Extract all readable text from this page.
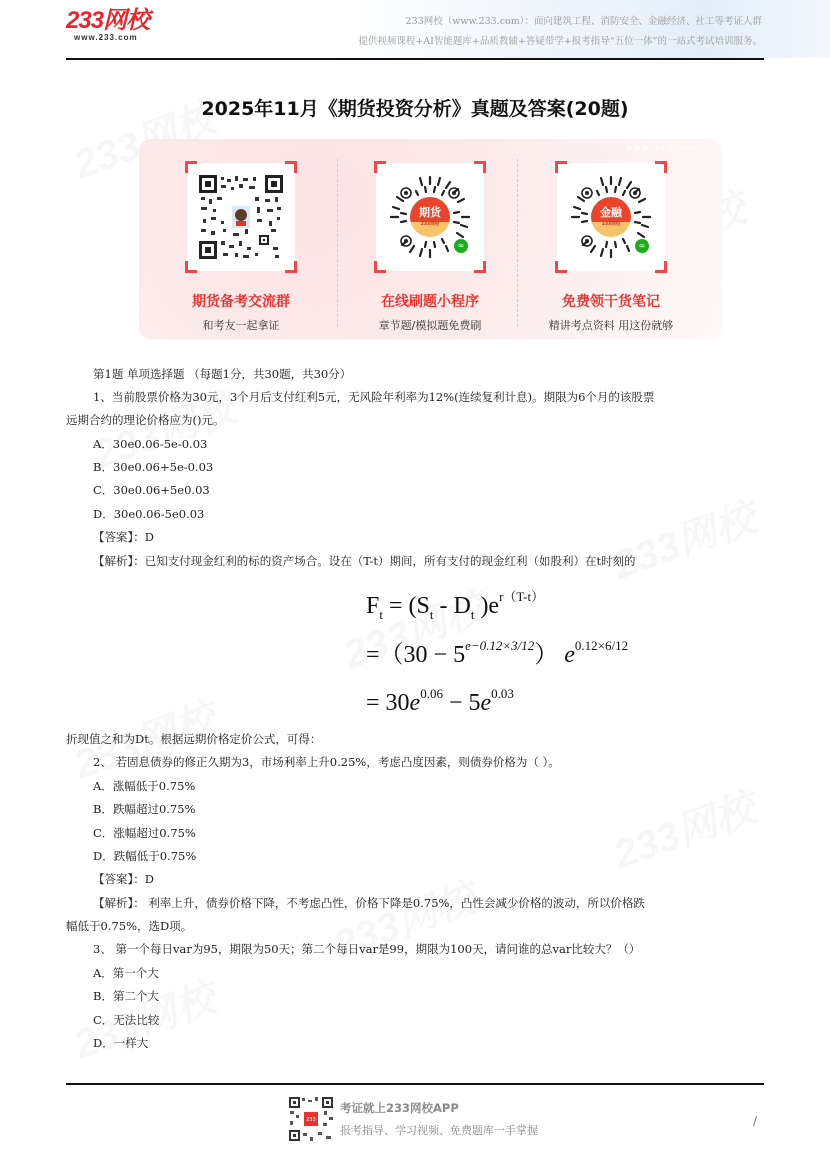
233网校
www.233.com
233网校（www.233.com）：面向建筑工程、消防安全、金融经济、社工等考证人群
提供视频课程+AI智能题库+品质教辅+答疑带学+报考指导“五位一体”的一站式考试培训服务。
2025年11月《期货投资分析》真题及答案(20题)
www.233.com
期货备考交流群
和考友一起拿证
期货
233网校
∞
在线刷题小程序
章节题/模拟题免费刷
金融
233网校
∞
免费领干货笔记
精讲考点资料 用这份就够
第1题 单项选择题 （每题1分，共30题，共30分）
1、当前股票价格为30元，3个月后支付红利5元，无风险年利率为12%(连续复利计息)。期限为6个月的该股票
远期合约的理论价格应为()元。
A．30e0.06-5e-0.03
B．30e0.06+5e-0.03
C．30e0.06+5e0.03
D．30e0.06-5e0.03
【答案】：D
【解析】：已知支付现金红利的标的资产场合。设在（T-t）期间，所有支付的现金红利（如股利）在t时刻的
$F_t = (S_t - D_t$ )$e^{r(T-t)}$
$=(30 - 5^{e-0.12\times 3/12})$ $e^{0.12\times 6/12}$
= $30e^{0.06} - 5e^{0.03}$
折现值之和为Dt。根据远期价格定价公式，可得：
2、 若固息债券的修正久期为3，市场利率上升0.25%，考虑凸度因素，则债券价格为（ ）。
A．涨幅低于0.75%
B．跌幅超过0.75%
C．涨幅超过0.75%
D．跌幅低于0.75%
【答案】：D
【解析】： 利率上升，债券价格下降，不考虑凸性，价格下降是0.75%，凸性会减少价格的波动，所以价格跌
幅低于0.75%，选D项。
3、 第一个每日var为95，期限为50天；第二个每日var是99，期限为100天，请问谁的总var比较大？（）
A．第一个大
B．第二个大
C．无法比较
D．一样大
233
考证就上233网校APP
报考指导、学习视频、免费题库一手掌握
/
